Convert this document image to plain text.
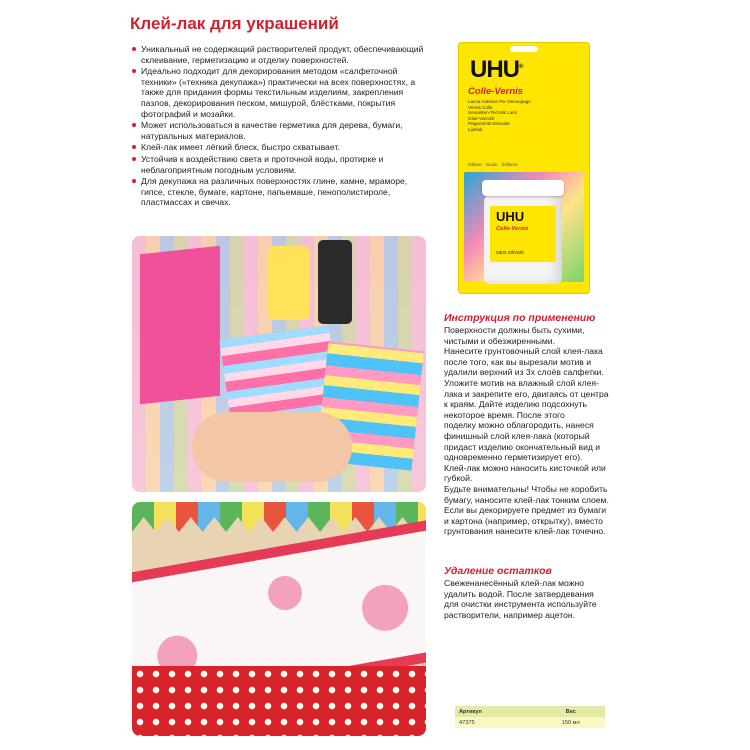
Клей-лак для украшений
Уникальный не содержащий растворителей продукт, обеспечивающий склеивание, герметизацию и отделку поверхностей.
Идеально подходит для декорирования методом «салфеточной техники» («техника декупажа») практически на всех поверхностях, а также для придания формы текстильным изделиям, закрепления пазлов, декорирования песком, мишурой, блёстками, покрытия фотографий и мозайки.
Может использоваться в качестве герметика для дерева, бумаги, натуральных материалов.
Клей-лак имеет лёгкий блеск, быстро схватывает.
Устойчив к воздействию света и проточной воды, протирке и неблагоприятным погодным условиям.
Для декупажа на различных поверхностях глине, камне, мраморе, гипсе, стекле, бумаге, картоне, папьемаше, пенополистироле, пластмассах и свечах.
UHU®
Colle-Vernis
Lacca Adesiva Per Decoupage
Vernis Colle
Servietten-Technik Lack
Glue-Varnish
Pegamento-Esmalte
Lijmlak
brillant · lucido · brillante
UHU
Colle-Vernis
sans solvant
Инструкция по применению

Поверхности должны быть сухими,
чистыми и обезжиренными.
Нанесите грунтовочный слой клея-лака
после того, как вы вырезали мотив и
удалили верхний из 3х слоёв салфетки.
Уложите мотив на влажный слой клея-
лака и закрепите его, двигаясь от центра
к краям. Дайте изделию подсохнуть
некоторое время. После этого
поделку можно облагородить, нанеся
финишный слой клея-лака (который
придаст изделию окончательный вид и
одновременно герметизирует его).
Клей-лак можно наносить кисточкой или
губкой.
Будьте внимательны! Чтобы не коробить
бумагу, наносите клей-лак тонким слоем.
Если вы декорируете предмет из бумаги
и картона (например, открытку), вместо
грунтования нанесите клей-лак точечно.

Удаление остатков

Свеженанесённый клей-лак можно
удалить водой. После затвердевания
для очистки инструмента используйте
растворители, например ацетон.

Артикул	Вес
47375	150 мл
